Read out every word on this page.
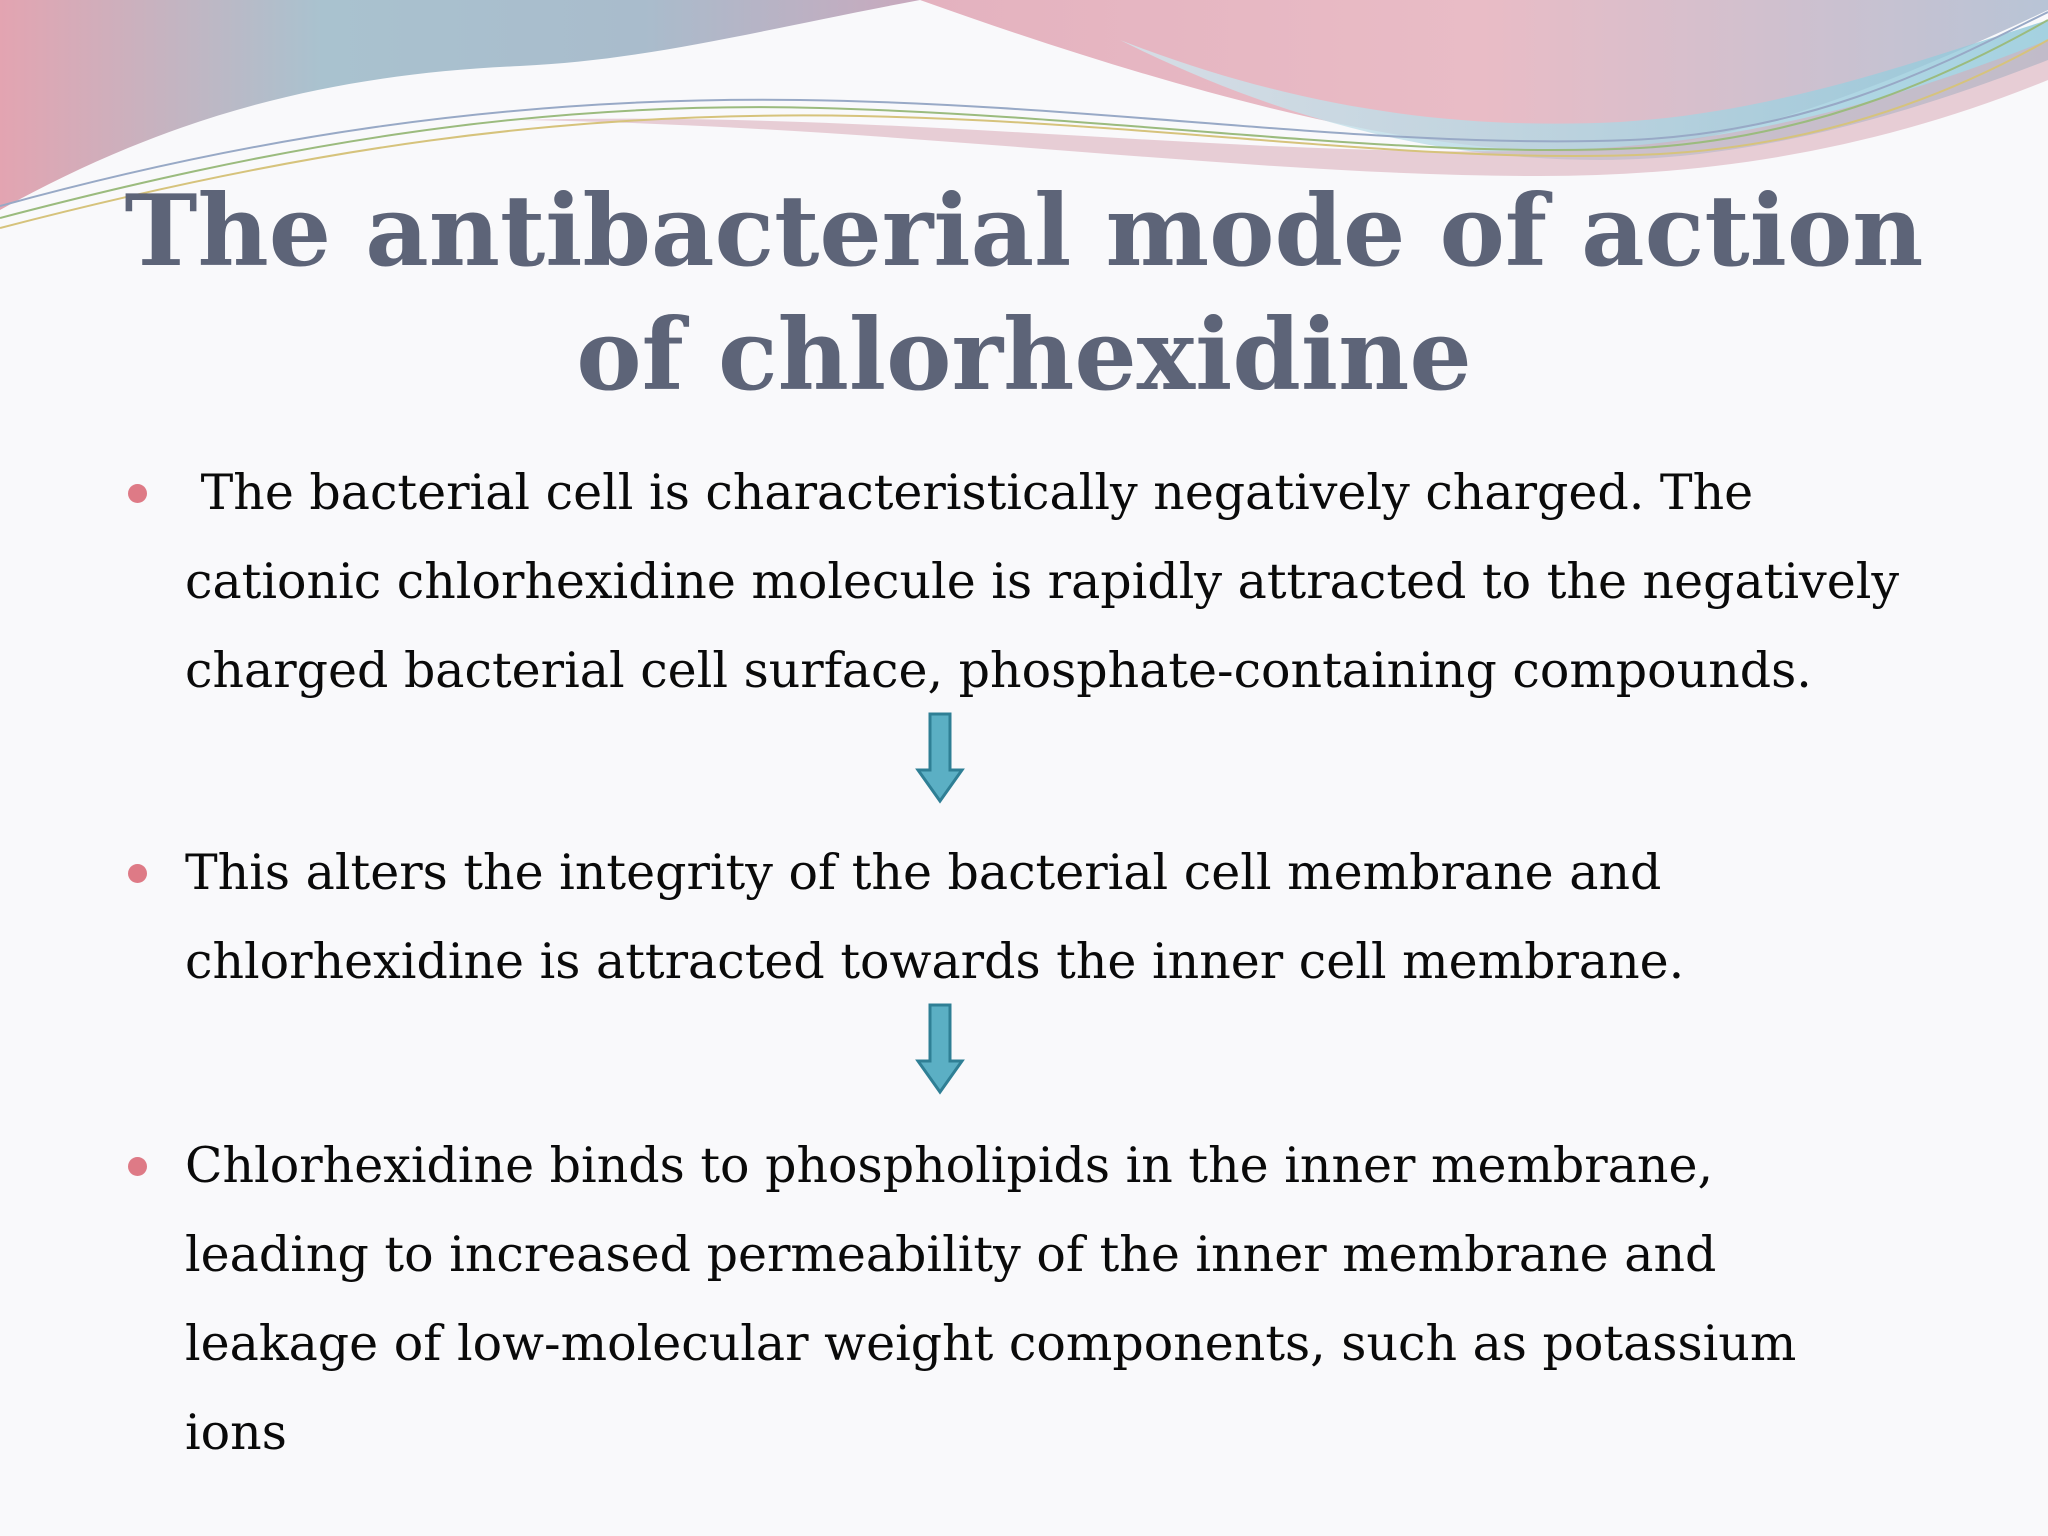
The antibacterial mode of action of chlorhexidine
The bacterial cell is characteristically negatively charged. The cationic chlorhexidine molecule is rapidly attracted to the negatively charged bacterial cell surface, phosphate-containing compounds.
This alters the integrity of the bacterial cell membrane and chlorhexidine is attracted towards the inner cell membrane.
Chlorhexidine binds to phospholipids in the inner membrane, leading to increased permeability of the inner membrane and leakage of low-molecular weight components, such as potassium ions
